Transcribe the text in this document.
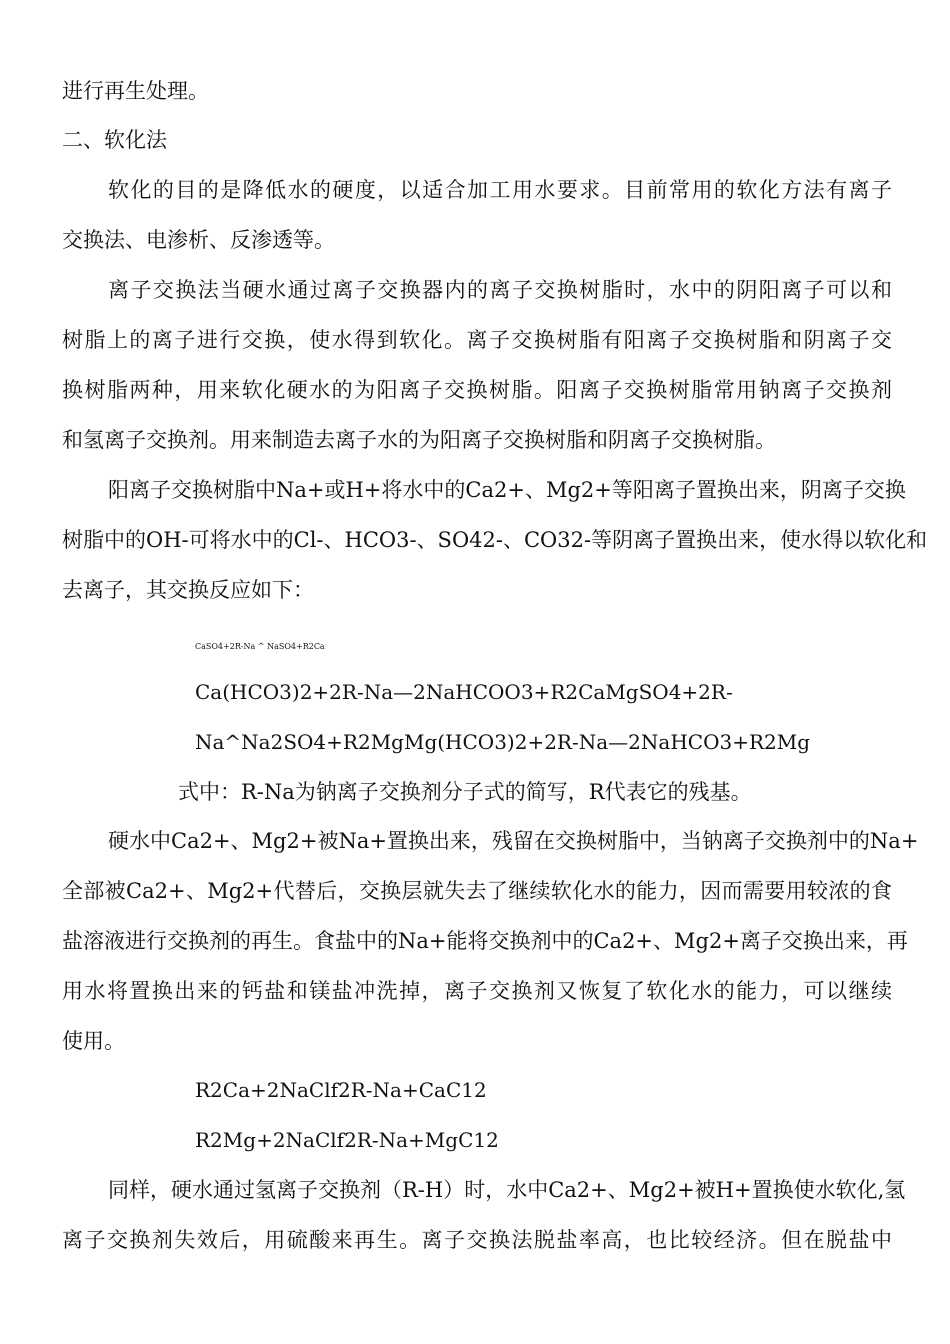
进行再生处理。
二、软化法
软化的目的是降低水的硬度，以适合加工用水要求。目前常用的软化方法有离子
交换法、电渗析、反渗透等。
离子交换法当硬水通过离子交换器内的离子交换树脂时，水中的阴阳离子可以和
树脂上的离子进行交换，使水得到软化。离子交换树脂有阳离子交换树脂和阴离子交
换树脂两种，用来软化硬水的为阳离子交换树脂。阳离子交换树脂常用钠离子交换剂
和氢离子交换剂。用来制造去离子水的为阳离子交换树脂和阴离子交换树脂。
阳离子交换树脂中Na+或H+将水中的Ca2+、Mg2+等阳离子置换出来，阴离子交换
树脂中的OH-可将水中的Cl-、HCO3-、SO42-、CO32-等阴离子置换出来，使水得以软化和
去离子，其交换反应如下：
CaSO4+2R-Na ^ NaSO4+R2Ca
Ca(HCO3)2+2R-Na—2NaHCOO3+R2CaMgSO4+2R-
Na^Na2SO4+R2MgMg(HCO3)2+2R-Na—2NaHCO3+R2Mg
式中：R-Na为钠离子交换剂分子式的简写，R代表它的残基。
硬水中Ca2+、Mg2+被Na+置换出来，残留在交换树脂中，当钠离子交换剂中的Na+
全部被Ca2+、Mg2+代替后，交换层就失去了继续软化水的能力，因而需要用较浓的食
盐溶液进行交换剂的再生。食盐中的Na+能将交换剂中的Ca2+、Mg2+离子交换出来，再
用水将置换出来的钙盐和镁盐冲洗掉，离子交换剂又恢复了软化水的能力，可以继续
使用。
R2Ca+2NaClf2R-Na+CaC12
R2Mg+2NaClf2R-Na+MgC12
同样，硬水通过氢离子交换剂（R-H）时，水中Ca2+、Mg2+被H+置换使水软化,氢
离子交换剂失效后，用硫酸来再生。离子交换法脱盐率高，也比较经济。但在脱盐中
